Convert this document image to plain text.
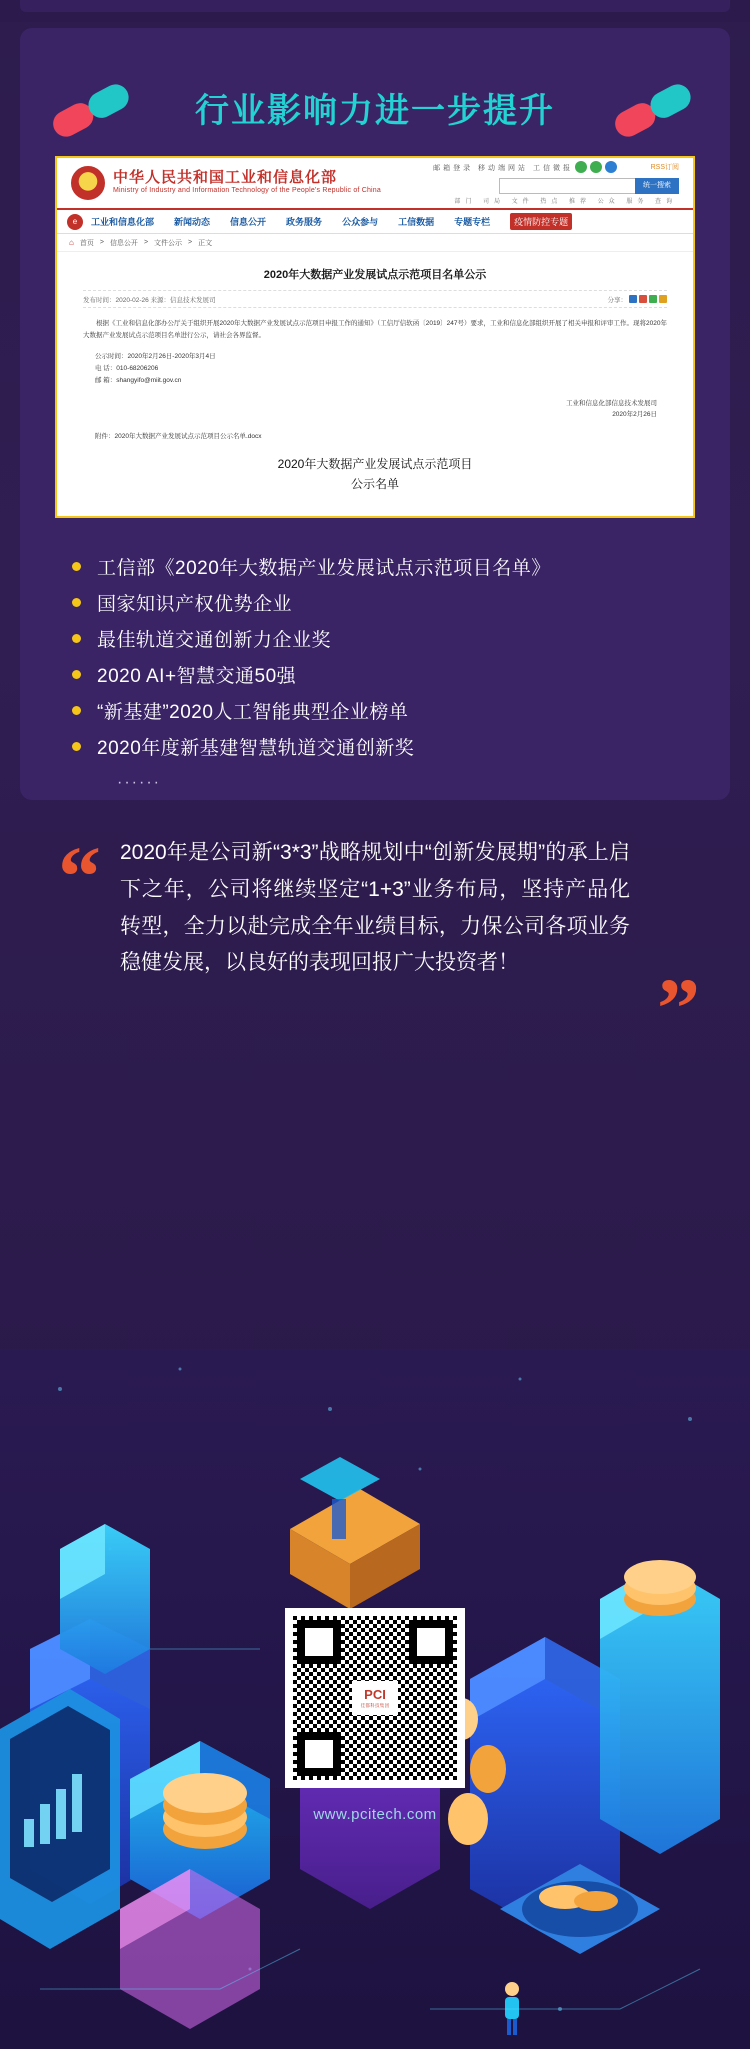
行业影响力进一步提升
中华人民共和国工业和信息化部
Ministry of Industry and Information Technology of the People's Republic of China
邮箱登录 移动端网站 工信微报	RSS订阅
统一搜索
部门 司局 文件 热点 推荐 公众 服务 查询
e	工业和信息化部 新闻动态 信息公开 政务服务 公众参与 工信数据 专题专栏	疫情防控专题
⌂ 首页 > 信息公开 > 文件公示 > 正文
2020年大数据产业发展试点示范项目名单公示
发布时间：2020-02-26 来源：信息技术发展司	分享：
根据《工业和信息化部办公厅关于组织开展2020年大数据产业发展试点示范项目申报工作的通知》（工信厅信软函〔2019〕247号）要求，工业和信息化部组织开展了相关申报和评审工作。现将2020年大数据产业发展试点示范项目名单进行公示，请社会各界监督。
公示时间：2020年2月26日-2020年3月4日
电 话：010-68206206
邮 箱：shangyifo@miit.gov.cn
工业和信息化部信息技术发展司
2020年2月26日
附件：2020年大数据产业发展试点示范项目公示名单.docx
2020年大数据产业发展试点示范项目
公示名单
工信部《2020年大数据产业发展试点示范项目名单》
国家知识产权优势企业
最佳轨道交通创新力企业奖
2020 AI+智慧交通50强
“新基建”2020人工智能典型企业榜单
2020年度新基建智慧轨道交通创新奖
······
“ 2020年是公司新“3*3”战略规划中“创新发展期”的承上启下之年，公司将继续坚定“1+3”业务布局，坚持产品化转型，全力以赴完成全年业绩目标，力保公司各项业务稳健发展，以良好的表现回报广大投资者！	”
PCI
佳都科技集团
www.pcitech.com
